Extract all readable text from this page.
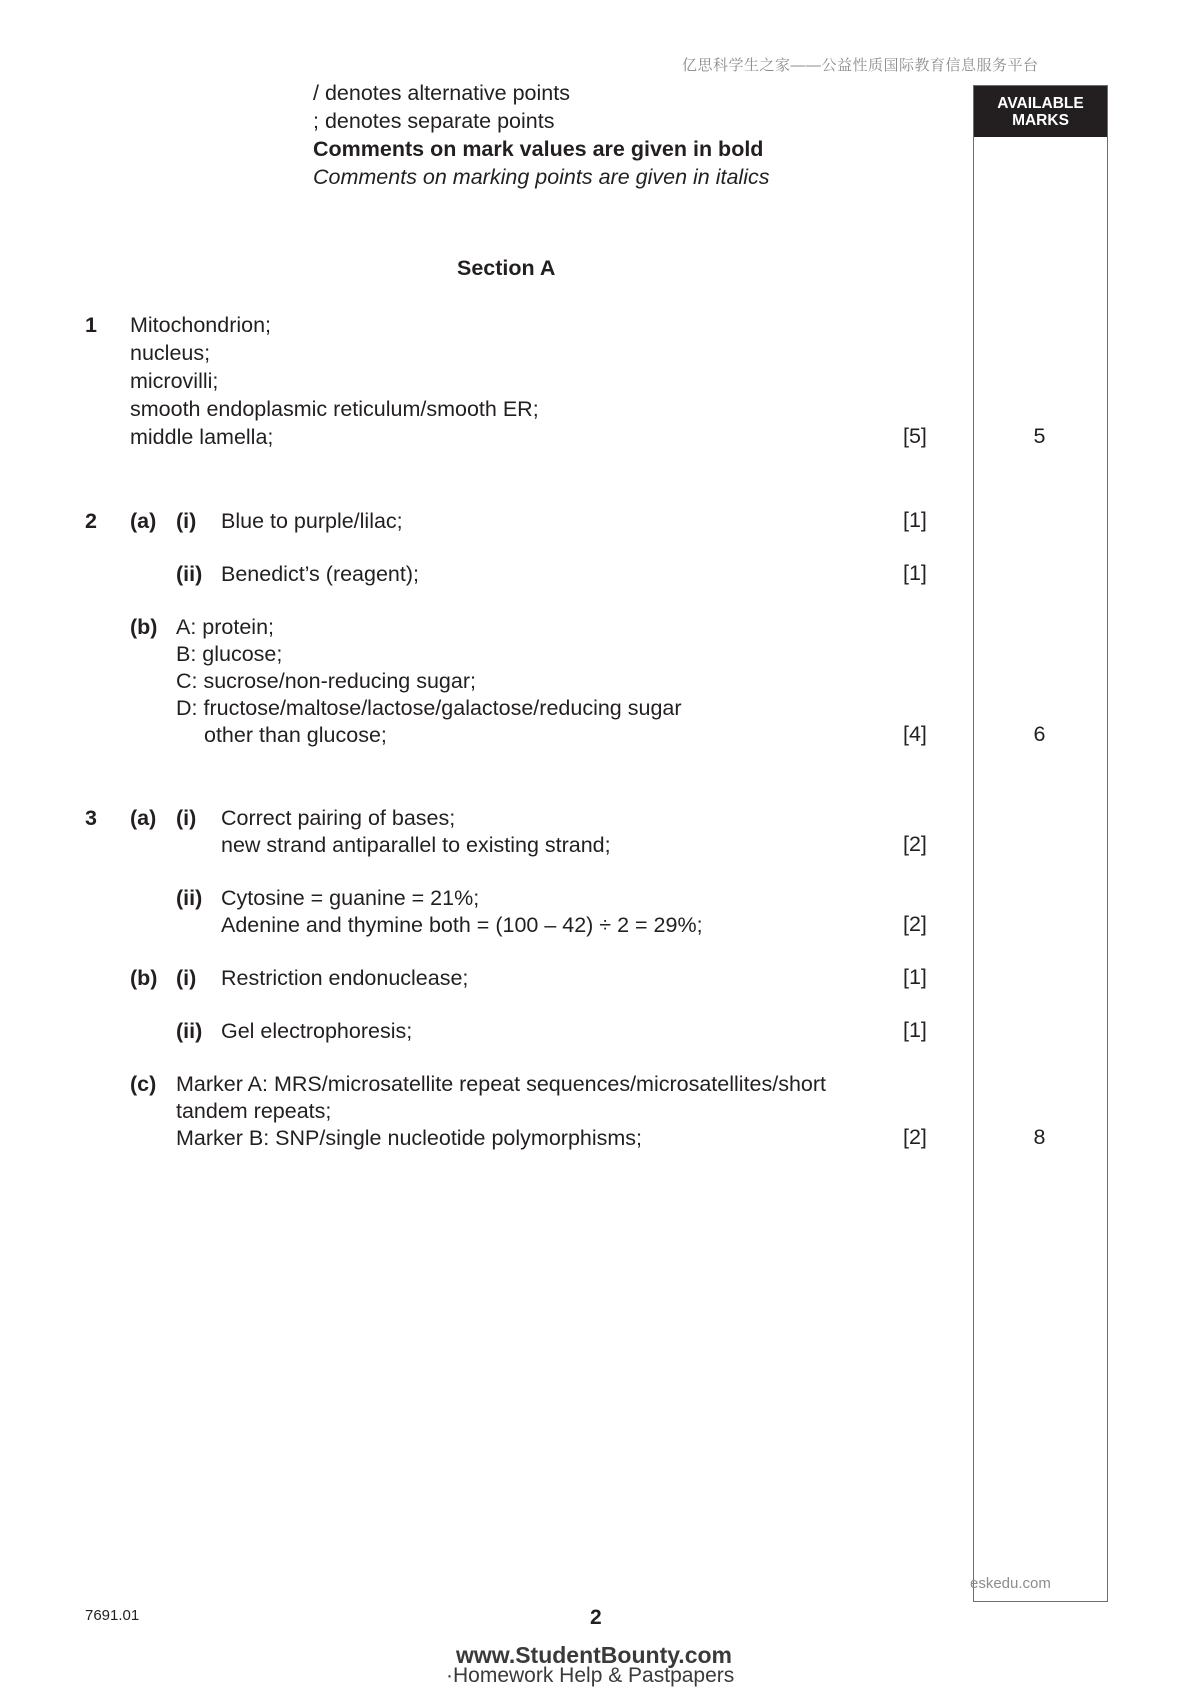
亿思科学生之家——公益性质国际教育信息服务平台
/ denotes alternative points
; denotes separate points
Comments on mark values are given in bold
Comments on marking points are given in italics
AVAILABLE
MARKS
Section A
1 Mitochondrion;
nucleus;
microvilli;
smooth endoplasmic reticulum/smooth ER;
middle lamella;	[5]	5
2 (a) (i) Blue to purple/lilac;	[1]
(ii) Benedict’s (reagent);	[1]
(b) A: protein;
B: glucose;
C: sucrose/non-reducing sugar;
D: fructose/maltose/lactose/galactose/reducing sugar
other than glucose;	[4]	6
3 (a) (i) Correct pairing of bases;
new strand antiparallel to existing strand;	[2]
(ii) Cytosine = guanine = 21%;
Adenine and thymine both = (100 – 42) ÷ 2 = 29%;	[2]
(b) (i) Restriction endonuclease;	[1]
(ii) Gel electrophoresis;	[1]
(c) Marker A: MRS/microsatellite repeat sequences/microsatellites/short
tandem repeats;
Marker B: SNP/single nucleotide polymorphisms;	[2]	8
eskedu.com
7691.01	2
www.StudentBounty.com
·Homework Help & Pastpapers
